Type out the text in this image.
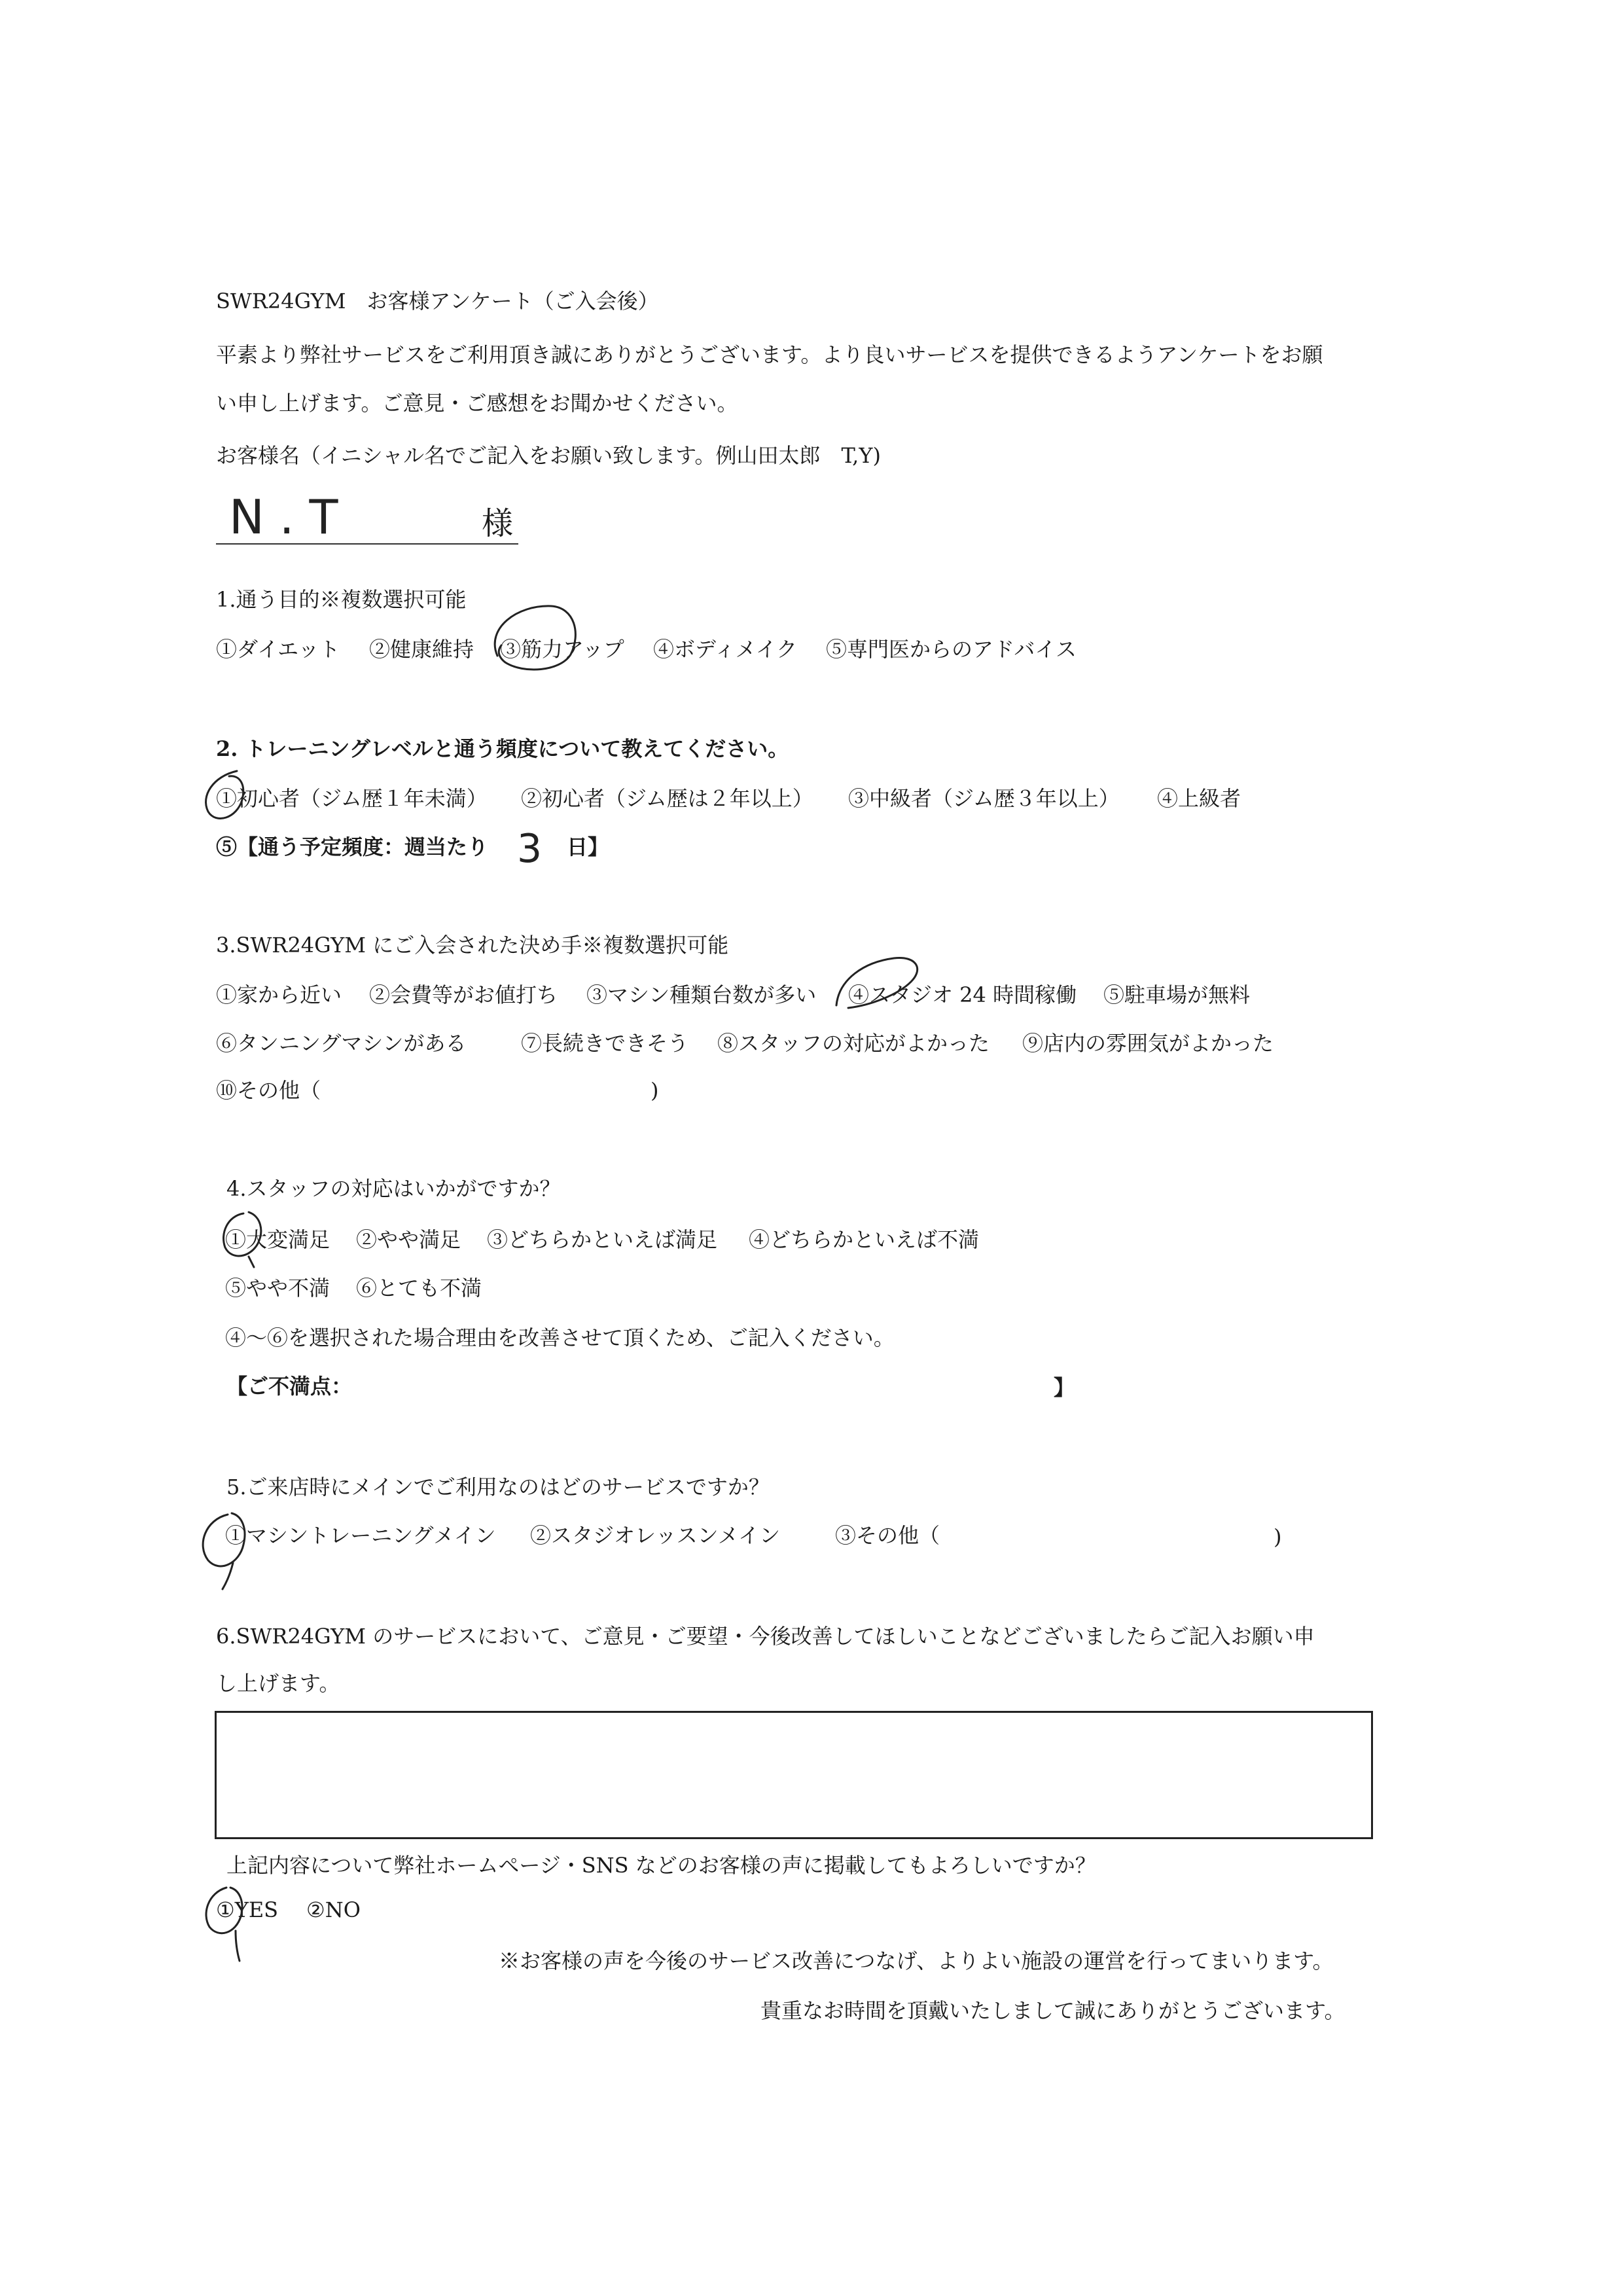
SWR24GYM　お客様アンケート（ご入会後）
平素より弊社サービスをご利用頂き誠にありがとうございます。より良いサービスを提供できるようアンケートをお願
い申し上げます。ご意見・ご感想をお聞かせください。
お客様名（イニシャル名でご記入をお願い致します。例山田太郎　T,Y)
N . T	様
1.通う目的※複数選択可能
①ダイエット ②健康維持 ③筋力アップ ④ボディメイク ⑤専門医からのアドバイス
2. トレーニングレベルと通う頻度について教えてください。
①初心者（ジム歴１年未満） ②初心者（ジム歴は２年以上） ③中級者（ジム歴３年以上） ④上級者
⑤【通う予定頻度：週当たり 3 日】
3.SWR24GYM にご入会された決め手※複数選択可能
①家から近い ②会費等がお値打ち ③マシン種類台数が多い ④スタジオ 24 時間稼働 ⑤駐車場が無料
⑥タンニングマシンがある	⑦長続きできそう ⑧スタッフの対応がよかった ⑨店内の雰囲気がよかった
⑩その他（	)
4.スタッフの対応はいかがですか？
①大変満足 ②やや満足 ③どちらかといえば満足 ④どちらかといえば不満
⑤やや不満 ⑥とても不満
④～⑥を選択された場合理由を改善させて頂くため、ご記入ください。
【ご不満点：	】
5.ご来店時にメインでご利用なのはどのサービスですか？
①マシントレーニングメイン ②スタジオレッスンメイン	③その他（	)
6.SWR24GYM のサービスにおいて、ご意見・ご要望・今後改善してほしいことなどございましたらご記入お願い申
し上げます。
上記内容について弊社ホームページ・SNS などのお客様の声に掲載してもよろしいですか？
①YES ②NO
※お客様の声を今後のサービス改善につなげ、よりよい施設の運営を行ってまいります。
貴重なお時間を頂戴いたしまして誠にありがとうございます。
